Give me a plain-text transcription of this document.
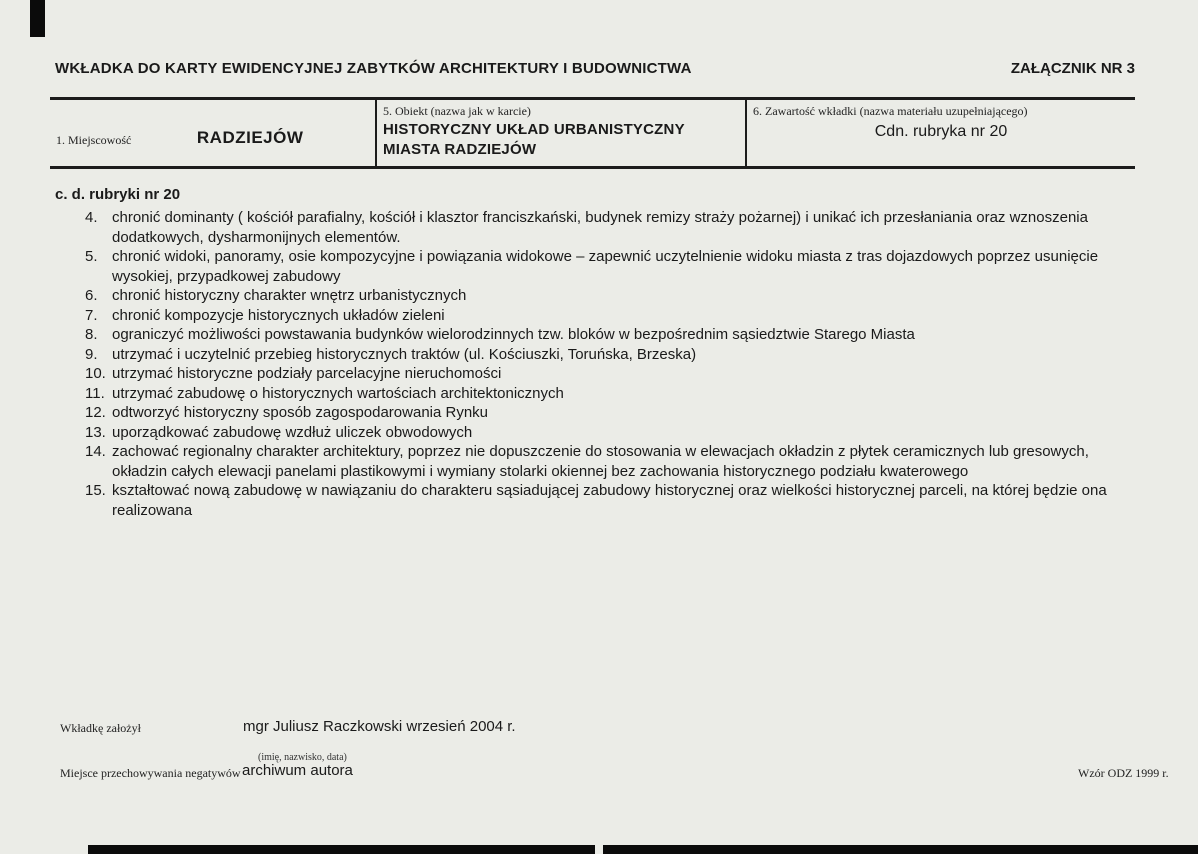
WKŁADKA DO KARTY EWIDENCYJNEJ ZABYTKÓW ARCHITEKTURY I BUDOWNICTWA	ZAŁĄCZNIK NR 3
1. Miejscowość	RADZIEJÓW
5. Obiekt (nazwa jak w karcie)
HISTORYCZNY UKŁAD URBANISTYCZNY
MIASTA RADZIEJÓW
6. Zawartość wkładki (nazwa materiału uzupełniającego)
Cdn. rubryka nr 20
c. d. rubryki nr 20
4. chronić dominanty ( kościół parafialny, kościół i klasztor franciszkański, budynek remizy straży pożarnej) i unikać ich przesłaniania oraz wznoszenia dodatkowych, dysharmonijnych elementów.
5. chronić widoki, panoramy, osie kompozycyjne i powiązania widokowe – zapewnić uczytelnienie widoku miasta z tras dojazdowych poprzez usunięcie wysokiej, przypadkowej zabudowy
6. chronić historyczny charakter wnętrz urbanistycznych
7. chronić kompozycje historycznych układów zieleni
8. ograniczyć możliwości powstawania budynków wielorodzinnych tzw. bloków w bezpośrednim sąsiedztwie Starego Miasta
9. utrzymać i uczytelnić przebieg historycznych traktów (ul. Kościuszki, Toruńska, Brzeska)
10. utrzymać historyczne podziały parcelacyjne nieruchomości
11. utrzymać zabudowę o historycznych wartościach architektonicznych
12. odtworzyć historyczny sposób zagospodarowania Rynku
13. uporządkować zabudowę wzdłuż uliczek obwodowych
14. zachować regionalny charakter architektury, poprzez nie dopuszczenie do stosowania w elewacjach okładzin z płytek ceramicznych lub gresowych, okładzin całych elewacji panelami plastikowymi i wymiany stolarki okiennej bez zachowania historycznego podziału kwaterowego
15. kształtować nową zabudowę w nawiązaniu do charakteru sąsiadującej zabudowy historycznej oraz wielkości historycznej parceli, na której będzie ona realizowana
Wkładkę założył	mgr Juliusz Raczkowski wrzesień 2004 r.
(imię, nazwisko, data)
Miejsce przechowywania negatywów archiwum autora	Wzór ODZ 1999 r.
